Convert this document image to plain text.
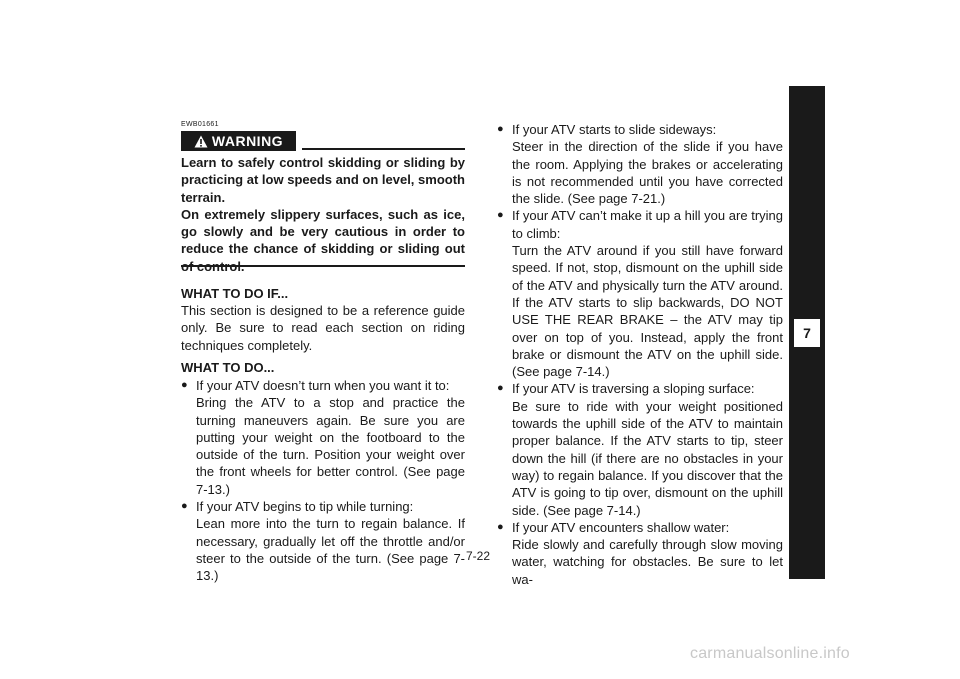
EWB01661
WARNING

Learn to safely control skidding or sliding by practicing at low speeds and on level, smooth terrain.

On extremely slippery surfaces, such as ice, go slowly and be very cautious in order to reduce the chance of skidding or sliding out

WHAT TO DO IF...

This section is designed to be a reference guide only. Be sure to read each section on riding techniques completely.

WHAT TO DO...
● If your ATV doesn’t turn when you want it to:
Bring the ATV to a stop and practice the turning maneuvers again. Be sure you are putting your weight on the footboard to the outside of the turn. Position your weight over the front wheels for better control. (See page 7-13.)
● If your ATV begins to tip while turning:
Lean more into the turn to regain balance. If necessary, gradually let off the throttle and/or steer to the outside of the turn. (See page 7-13.)
● If your ATV starts to slide sideways:
Steer in the direction of the slide if you have the room. Applying the brakes or accelerating is not recommended until you have corrected the slide. (See page 7-21.)
● If your ATV can’t make it up a hill you are trying to climb:
Turn the ATV around if you still have forward speed. If not, stop, dismount on the uphill side of the ATV and physically turn the ATV around. If the ATV starts to slip backwards, DO NOT USE THE REAR BRAKE – the ATV may tip over on top of you. Instead, apply the front brake or dismount the ATV on the uphill side. (See page 7-14.)
● If your ATV is traversing a sloping surface:
Be sure to ride with your weight positioned towards the uphill side of the ATV to maintain proper balance. If the ATV starts to tip, steer down the hill (if there are no obstacles in your way) to regain balance. If you discover that the ATV is going to tip over, dismount on the uphill side. (See page 7-14.)
● If your ATV encounters shallow water:
Ride slowly and carefully through slow moving water, watching for obstacles. Be sure to let wa-
7-22
7
carmanualsonline.info
